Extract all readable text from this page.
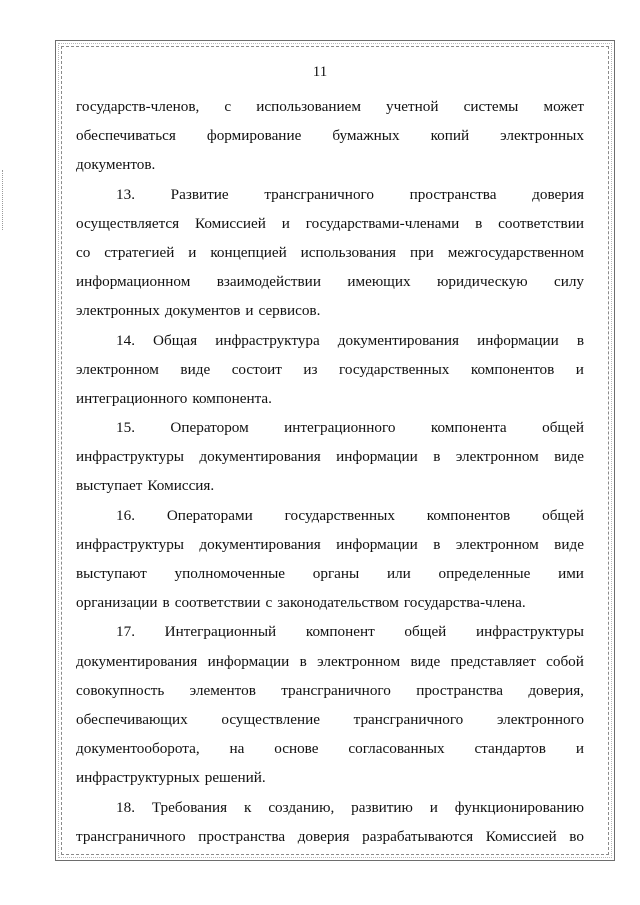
11
государств-членов, с использованием учетной системы может
обеспечиваться формирование бумажных копий электронных
документов.
13. Развитие трансграничного пространства доверия
осуществляется Комиссией и государствами-членами в соответствии
со стратегией и концепцией использования при межгосударственном
информационном взаимодействии имеющих юридическую силу
электронных документов и сервисов.
14. Общая инфраструктура документирования информации в
электронном виде состоит из государственных компонентов и
интеграционного компонента.
15. Оператором интеграционного компонента общей
инфраструктуры документирования информации в электронном виде
выступает Комиссия.
16. Операторами государственных компонентов общей
инфраструктуры документирования информации в электронном виде
выступают уполномоченные органы или определенные ими
организации в соответствии с законодательством государства-члена.
17. Интеграционный компонент общей инфраструктуры
документирования информации в электронном виде представляет собой
совокупность элементов трансграничного пространства доверия,
обеспечивающих осуществление трансграничного электронного
документооборота, на основе согласованных стандартов и
инфраструктурных решений.
18. Требования к созданию, развитию и функционированию
трансграничного пространства доверия разрабатываются Комиссией во
